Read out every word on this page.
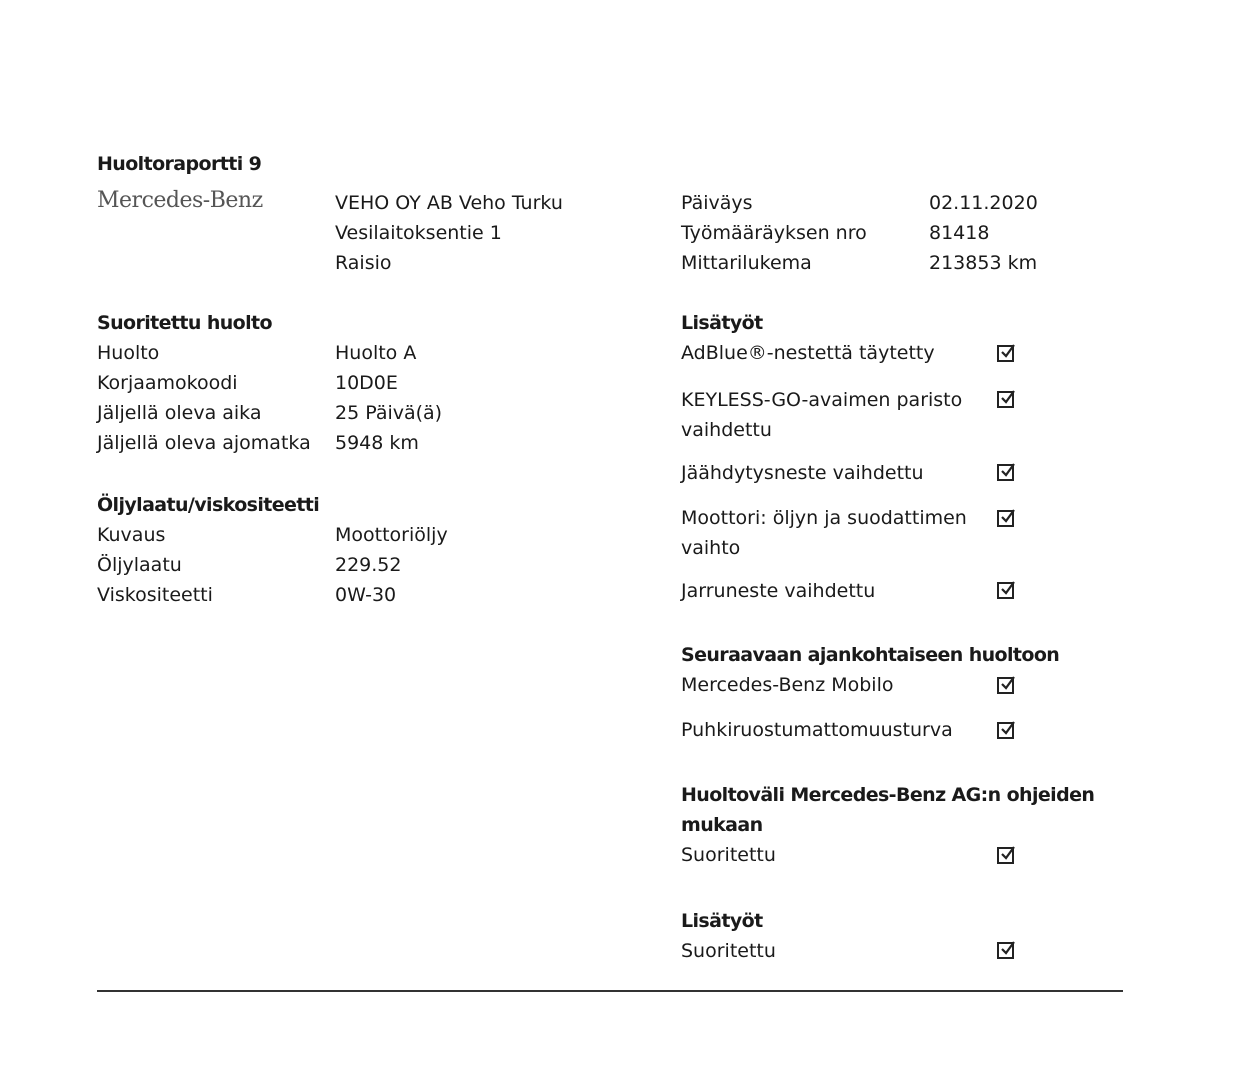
Huoltoraportti 9
Mercedes-Benz	VEHO OY AB Veho Turku
Vesilaitoksentie 1
Raisio
Päiväys	02.11.2020
Työmääräyksen nro	81418
Mittarilukema	213853 km
Suoritettu huolto
Huolto	Huolto A
Korjaamokoodi	10D0E
Jäljellä oleva aika	25 Päivä(ä)
Jäljellä oleva ajomatka 5948 km
Öljylaatu/viskositeetti
Kuvaus	Moottoriöljy
Öljylaatu	229.52
Viskositeetti	0W-30
Lisätyöt
AdBlue®-nestettä täytetty
KEYLESS-GO-avaimen paristo
vaihdettu
Jäähdytysneste vaihdettu
Moottori: öljyn ja suodattimen
vaihto
Jarruneste vaihdettu
Seuraavaan ajankohtaiseen huoltoon
Mercedes-Benz Mobilo
Puhkiruostumattomuusturva
Huoltoväli Mercedes-Benz AG:n ohjeiden
mukaan
Suoritettu
Lisätyöt
Suoritettu
